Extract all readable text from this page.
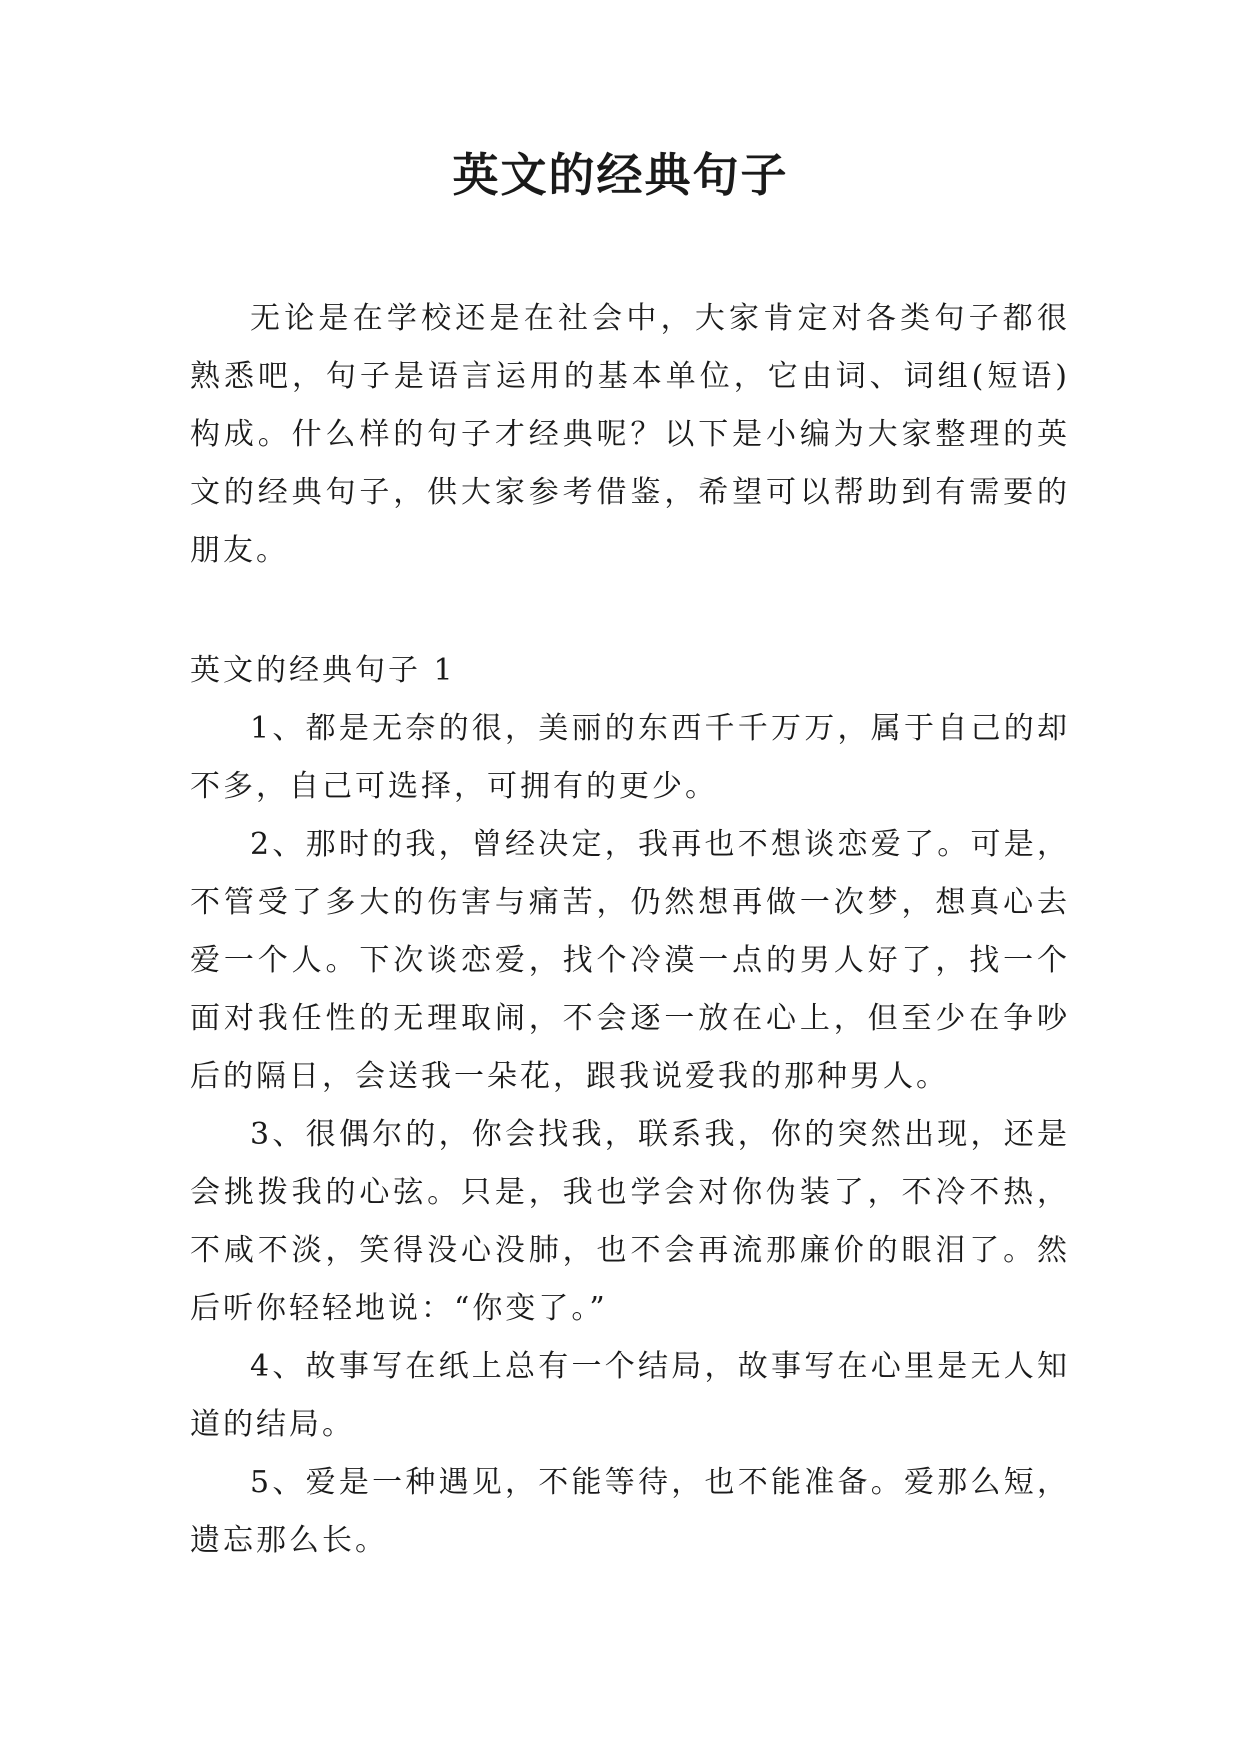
英文的经典句子

无论是在学校还是在社会中，大家肯定对各类句子都很熟悉吧，句子是语言运用的基本单位，它由词、词组(短语)构成。什么样的句子才经典呢？以下是小编为大家整理的英文的经典句子，供大家参考借鉴，希望可以帮助到有需要的朋友。

英文的经典句子 1

1、都是无奈的很，美丽的东西千千万万，属于自己的却不多，自己可选择，可拥有的更少。

2、那时的我，曾经决定，我再也不想谈恋爱了。可是，不管受了多大的伤害与痛苦，仍然想再做一次梦，想真心去爱一个人。下次谈恋爱，找个冷漠一点的男人好了，找一个面对我任性的无理取闹，不会逐一放在心上，但至少在争吵后的隔日，会送我一朵花，跟我说爱我的那种男人。

3、很偶尔的，你会找我，联系我，你的突然出现，还是会挑拨我的心弦。只是，我也学会对你伪装了，不冷不热，不咸不淡，笑得没心没肺，也不会再流那廉价的眼泪了。然后听你轻轻地说：“你变了。”

4、故事写在纸上总有一个结局，故事写在心里是无人知道的结局。

5、爱是一种遇见，不能等待，也不能准备。爱那么短，遗忘那么长。
